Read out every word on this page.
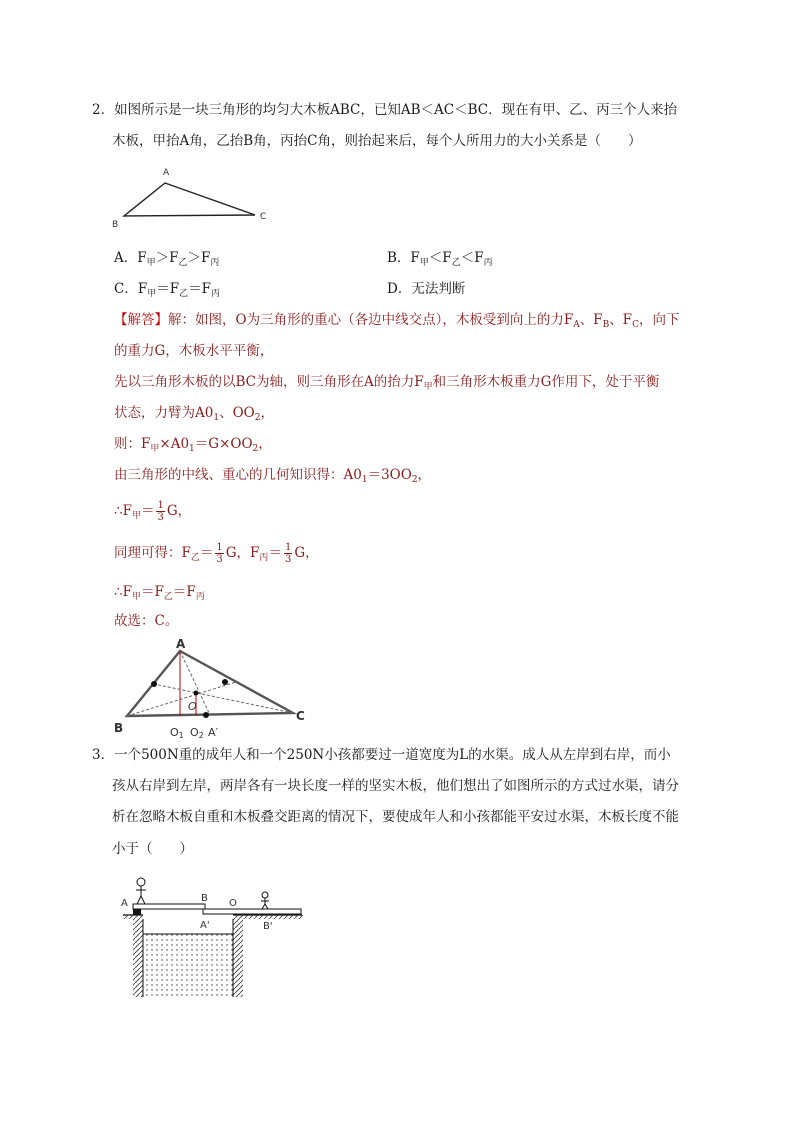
2．如图所示是一块三角形的均匀大木板ABC，已知AB＜AC＜BC．现在有甲、乙、丙三个人来抬
木板，甲抬A角，乙抬B角，丙抬C角，则抬起来后，每个人所用力的大小关系是（　　）
A
B
C
A．$F_甲>F_乙>F_丙$	B．$F_甲<F_乙<F_丙$
C．$F_甲=F_乙=F_丙$	D．无法判断
【解答】解：如图，O为三角形的重心（各边中线交点），木板受到向上的力$F_A$、$F_B$、$F_C$，向下
的重力G，木板水平平衡，
先以三角形木板的以BC为轴，则三角形在A的抬力$F_甲$和三角形木板重力G作用下，处于平衡
状态，力臂为$A0_1$、$OO_2$，
则：$F_甲\times A0_1=G\times OO_2$，
由三角形的中线、重心的几何知识得：$A0_1=3OO_2$，
$\therefore F_甲= \frac{1}{3}$ G，
同理可得：$F_乙= \frac{1}{3}$ G，$F_丙= \frac{1}{3}$ G，
$\therefore F_甲=F_乙=F_丙$
故选：C。
A
B
C
O
O1 O2 A′
3．一个500N重的成年人和一个250N小孩都要过一道宽度为L的水渠。成人从左岸到右岸，而小
孩从右岸到左岸，两岸各有一块长度一样的坚实木板，他们想出了如图所示的方式过水渠，请分
析在忽略木板自重和木板叠交距离的情况下，要使成年人和小孩都能平安过水渠，木板长度不能
小于（　　）
A	B O
A'	B'
